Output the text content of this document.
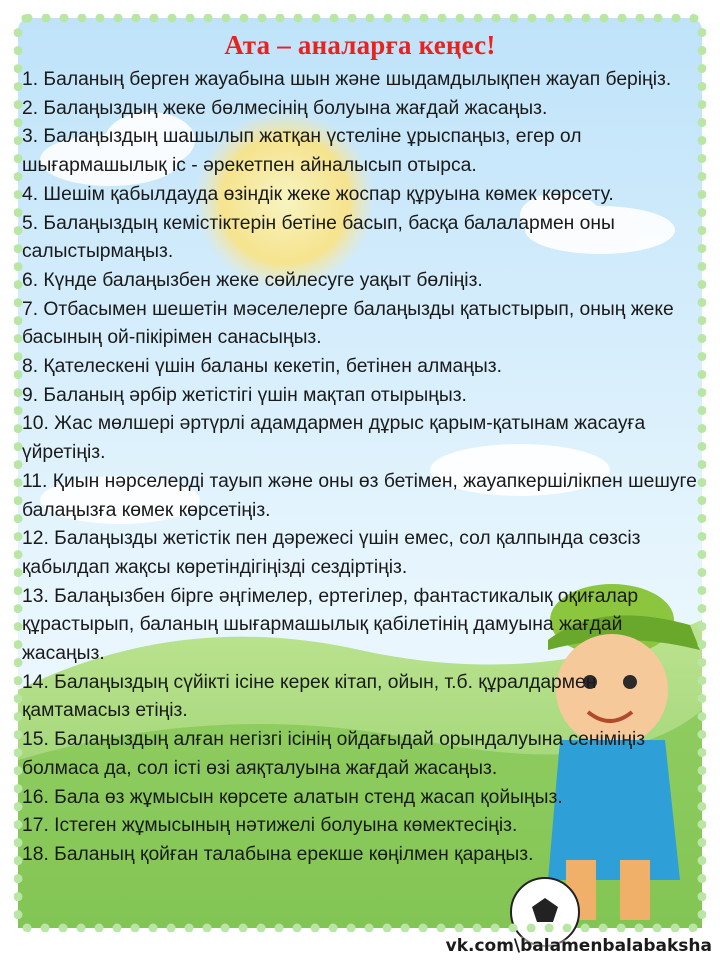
Ата – аналарға кеңес!
1. Баланың берген жауабына шын және шыдамдылықпен жауап беріңіз.
2. Балаңыздың жеке бөлмесінің болуына жағдай жасаңыз.
3. Балаңыздың шашылып жатқан үстеліне ұрыспаңыз, егер ол шығармашылық іс - әрекетпен айналысып отырса.
4. Шешім қабылдауда өзіндік жеке жоспар құруына көмек көрсету.
5. Балаңыздың кемістіктерін бетіне басып, басқа балалармен оны салыстырмаңыз.
6. Күнде балаңызбен жеке сөйлесуге уақыт бөліңіз.
7. Отбасымен шешетін мәселелерге балаңызды қатыстырып, оның жеке басының ой-пікірімен санасыңыз.
8. Қателескені үшін баланы кекетіп, бетінен алмаңыз.
9. Баланың әрбір жетістігі үшін мақтап отырыңыз.
10. Жас мөлшері әртүрлі адамдармен дұрыс қарым-қатынам жасауға үйретіңіз.
11. Қиын нәрселерді тауып және оны өз бетімен, жауапкершілікпен шешуге балаңызға көмек көрсетіңіз.
12. Балаңызды жетістік пен дәрежесі үшін емес, сол қалпында сөзсіз қабылдап жақсы көретіндігіңізді сездіртіңіз.
13. Балаңызбен бірге әңгімелер, ертегілер, фантастикалық оқиғалар құрастырып, баланың шығармашылық қабілетінің дамуына жағдай жасаңыз.
14. Балаңыздың сүйікті ісіне керек кітап, ойын, т.б. құралдармен қамтамасыз етіңіз.
15. Балаңыздың алған негізгі ісінің ойдағыдай орындалуына сеніміңіз болмаса да, сол істі өзі аяқталуына жағдай жасаңыз.
16. Бала өз жұмысын көрсете алатын стенд жасап қойыңыз.
17. Істеген жұмысының нәтижелі болуына көмектесіңіз.
18. Баланың қойған талабына ерекше көңілмен қараңыз.
vk.com\balamenbalabaksha
